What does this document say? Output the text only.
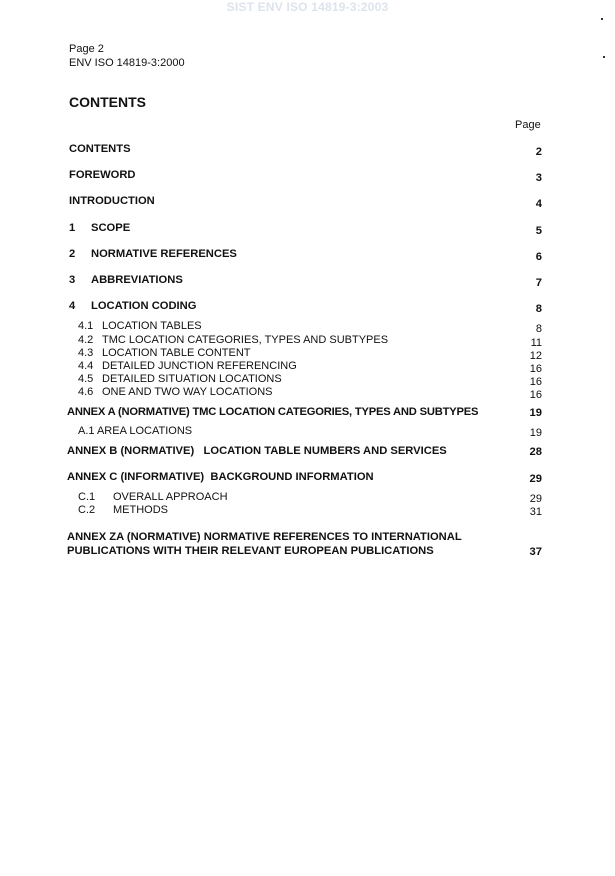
SIST ENV ISO 14819-3:2003
Page 2
ENV ISO 14819-3:2000
CONTENTS
Page
CONTENTS	2
FOREWORD	3
INTRODUCTION	4
1 SCOPE	5
2 NORMATIVE REFERENCES	6
3 ABBREVIATIONS	7
4 LOCATION CODING	8
4.1 LOCATION TABLES	8
4.2 TMC LOCATION CATEGORIES, TYPES AND SUBTYPES	11
4.3 LOCATION TABLE CONTENT	12
4.4 DETAILED JUNCTION REFERENCING	16
4.5 DETAILED SITUATION LOCATIONS	16
4.6 ONE AND TWO WAY LOCATIONS	16
ANNEX A (NORMATIVE) TMC LOCATION CATEGORIES, TYPES AND SUBTYPES	19
A.1 AREA LOCATIONS	19
ANNEX B (NORMATIVE)   LOCATION TABLE NUMBERS AND SERVICES	28
ANNEX C (INFORMATIVE)  BACKGROUND INFORMATION	29
C.1 OVERALL APPROACH	29
C.2 METHODS	31
ANNEX ZA (NORMATIVE) NORMATIVE REFERENCES TO INTERNATIONAL
PUBLICATIONS WITH THEIR RELEVANT EUROPEAN PUBLICATIONS	37
